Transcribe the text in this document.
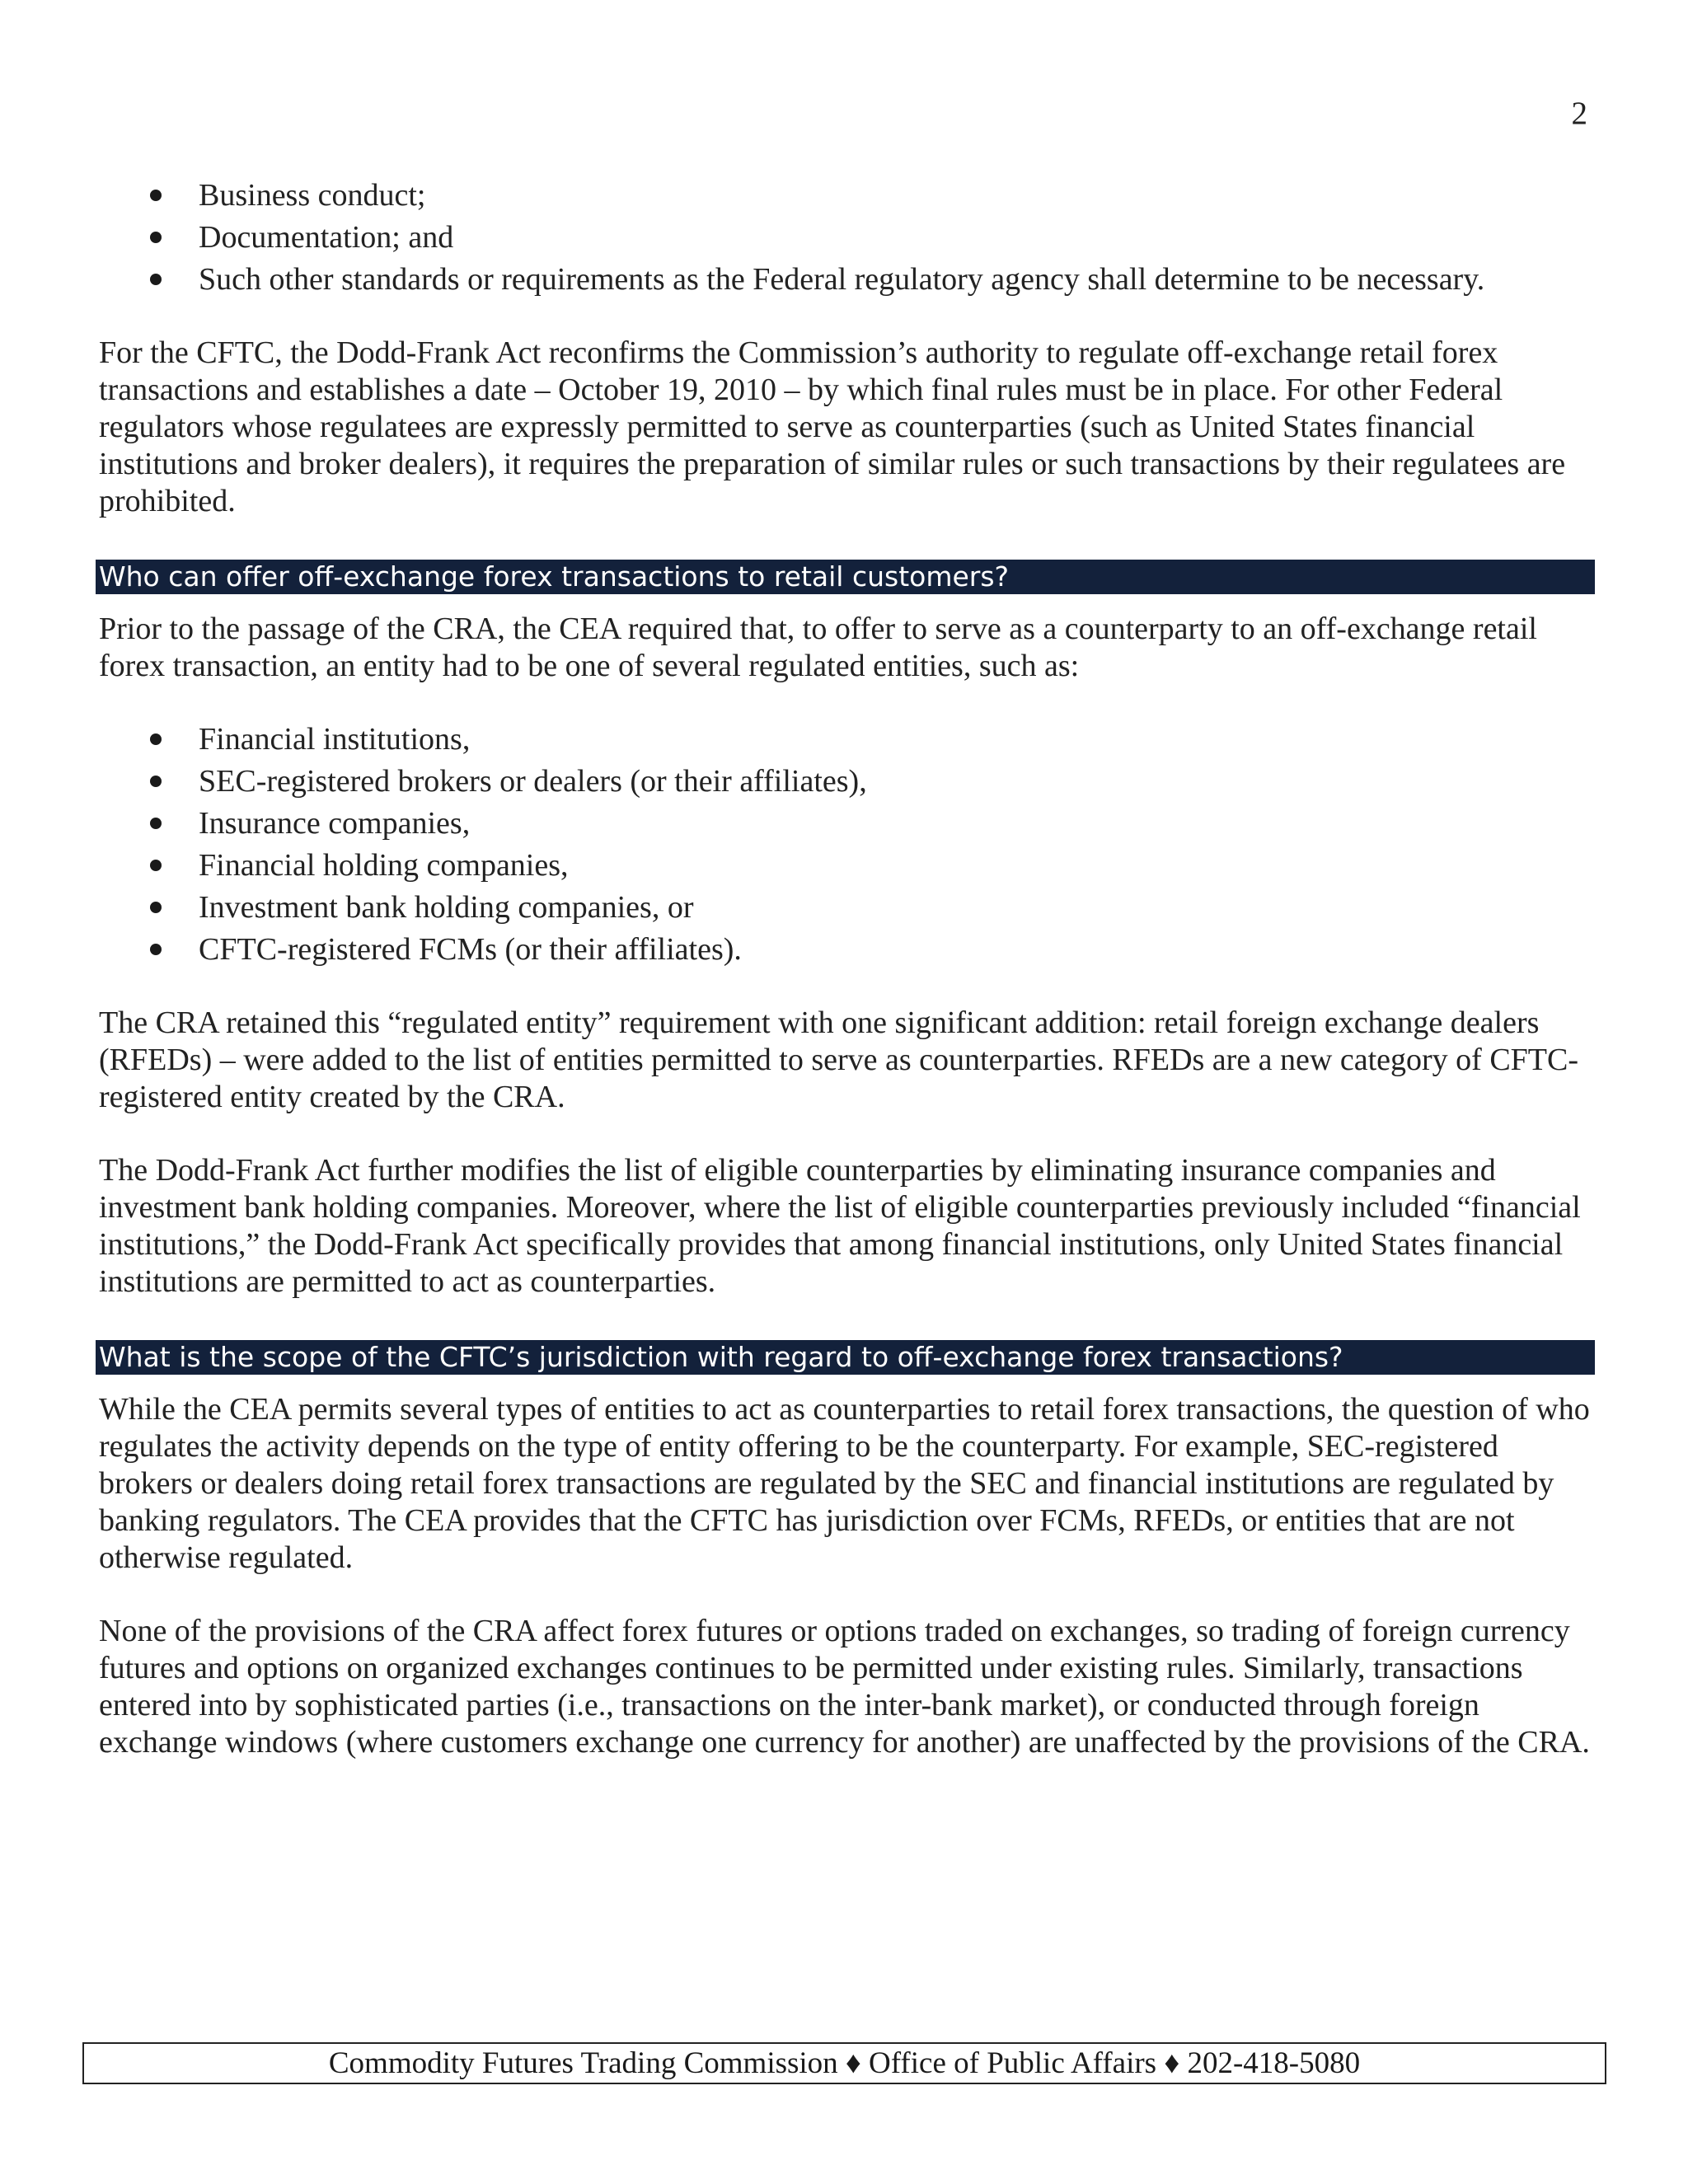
2
Business conduct;
Documentation; and
Such other standards or requirements as the Federal regulatory agency shall determine to be necessary.

For the CFTC, the Dodd-Frank Act reconfirms the Commission’s authority to regulate off-exchange retail forex transactions and establishes a date – October 19, 2010 – by which final rules must be in place. For other Federal regulators whose regulatees are expressly permitted to serve as counterparties (such as United States financial institutions and broker dealers), it requires the preparation of similar rules or such transactions by their regulatees are prohibited.

Who can offer off-exchange forex transactions to retail customers?

Prior to the passage of the CRA, the CEA required that, to offer to serve as a counterparty to an off-exchange retail forex transaction, an entity had to be one of several regulated entities, such as:

Financial institutions,
SEC-registered brokers or dealers (or their affiliates),
Insurance companies,
Financial holding companies,
Investment bank holding companies, or
CFTC-registered FCMs (or their affiliates).

The CRA retained this “regulated entity” requirement with one significant addition: retail foreign exchange dealers (RFEDs) – were added to the list of entities permitted to serve as counterparties. RFEDs are a new category of CFTC-registered entity created by the CRA.

The Dodd-Frank Act further modifies the list of eligible counterparties by eliminating insurance companies and investment bank holding companies. Moreover, where the list of eligible counterparties previously included “financial institutions,” the Dodd-Frank Act specifically provides that among financial institutions, only United States financial institutions are permitted to act as counterparties.

What is the scope of the CFTC’s jurisdiction with regard to off-exchange forex transactions?

While the CEA permits several types of entities to act as counterparties to retail forex transactions, the question of who regulates the activity depends on the type of entity offering to be the counterparty. For example, SEC-registered brokers or dealers doing retail forex transactions are regulated by the SEC and financial institutions are regulated by banking regulators. The CEA provides that the CFTC has jurisdiction over FCMs, RFEDs, or entities that are not otherwise regulated.

None of the provisions of the CRA affect forex futures or options traded on exchanges, so trading of foreign currency futures and options on organized exchanges continues to be permitted under existing rules. Similarly, transactions entered into by sophisticated parties (i.e., transactions on the inter-bank market), or conducted through foreign exchange windows (where customers exchange one currency for another) are unaffected by the provisions of the CRA.

Commodity Futures Trading Commission ♦ Office of Public Affairs ♦ 202-418-5080
